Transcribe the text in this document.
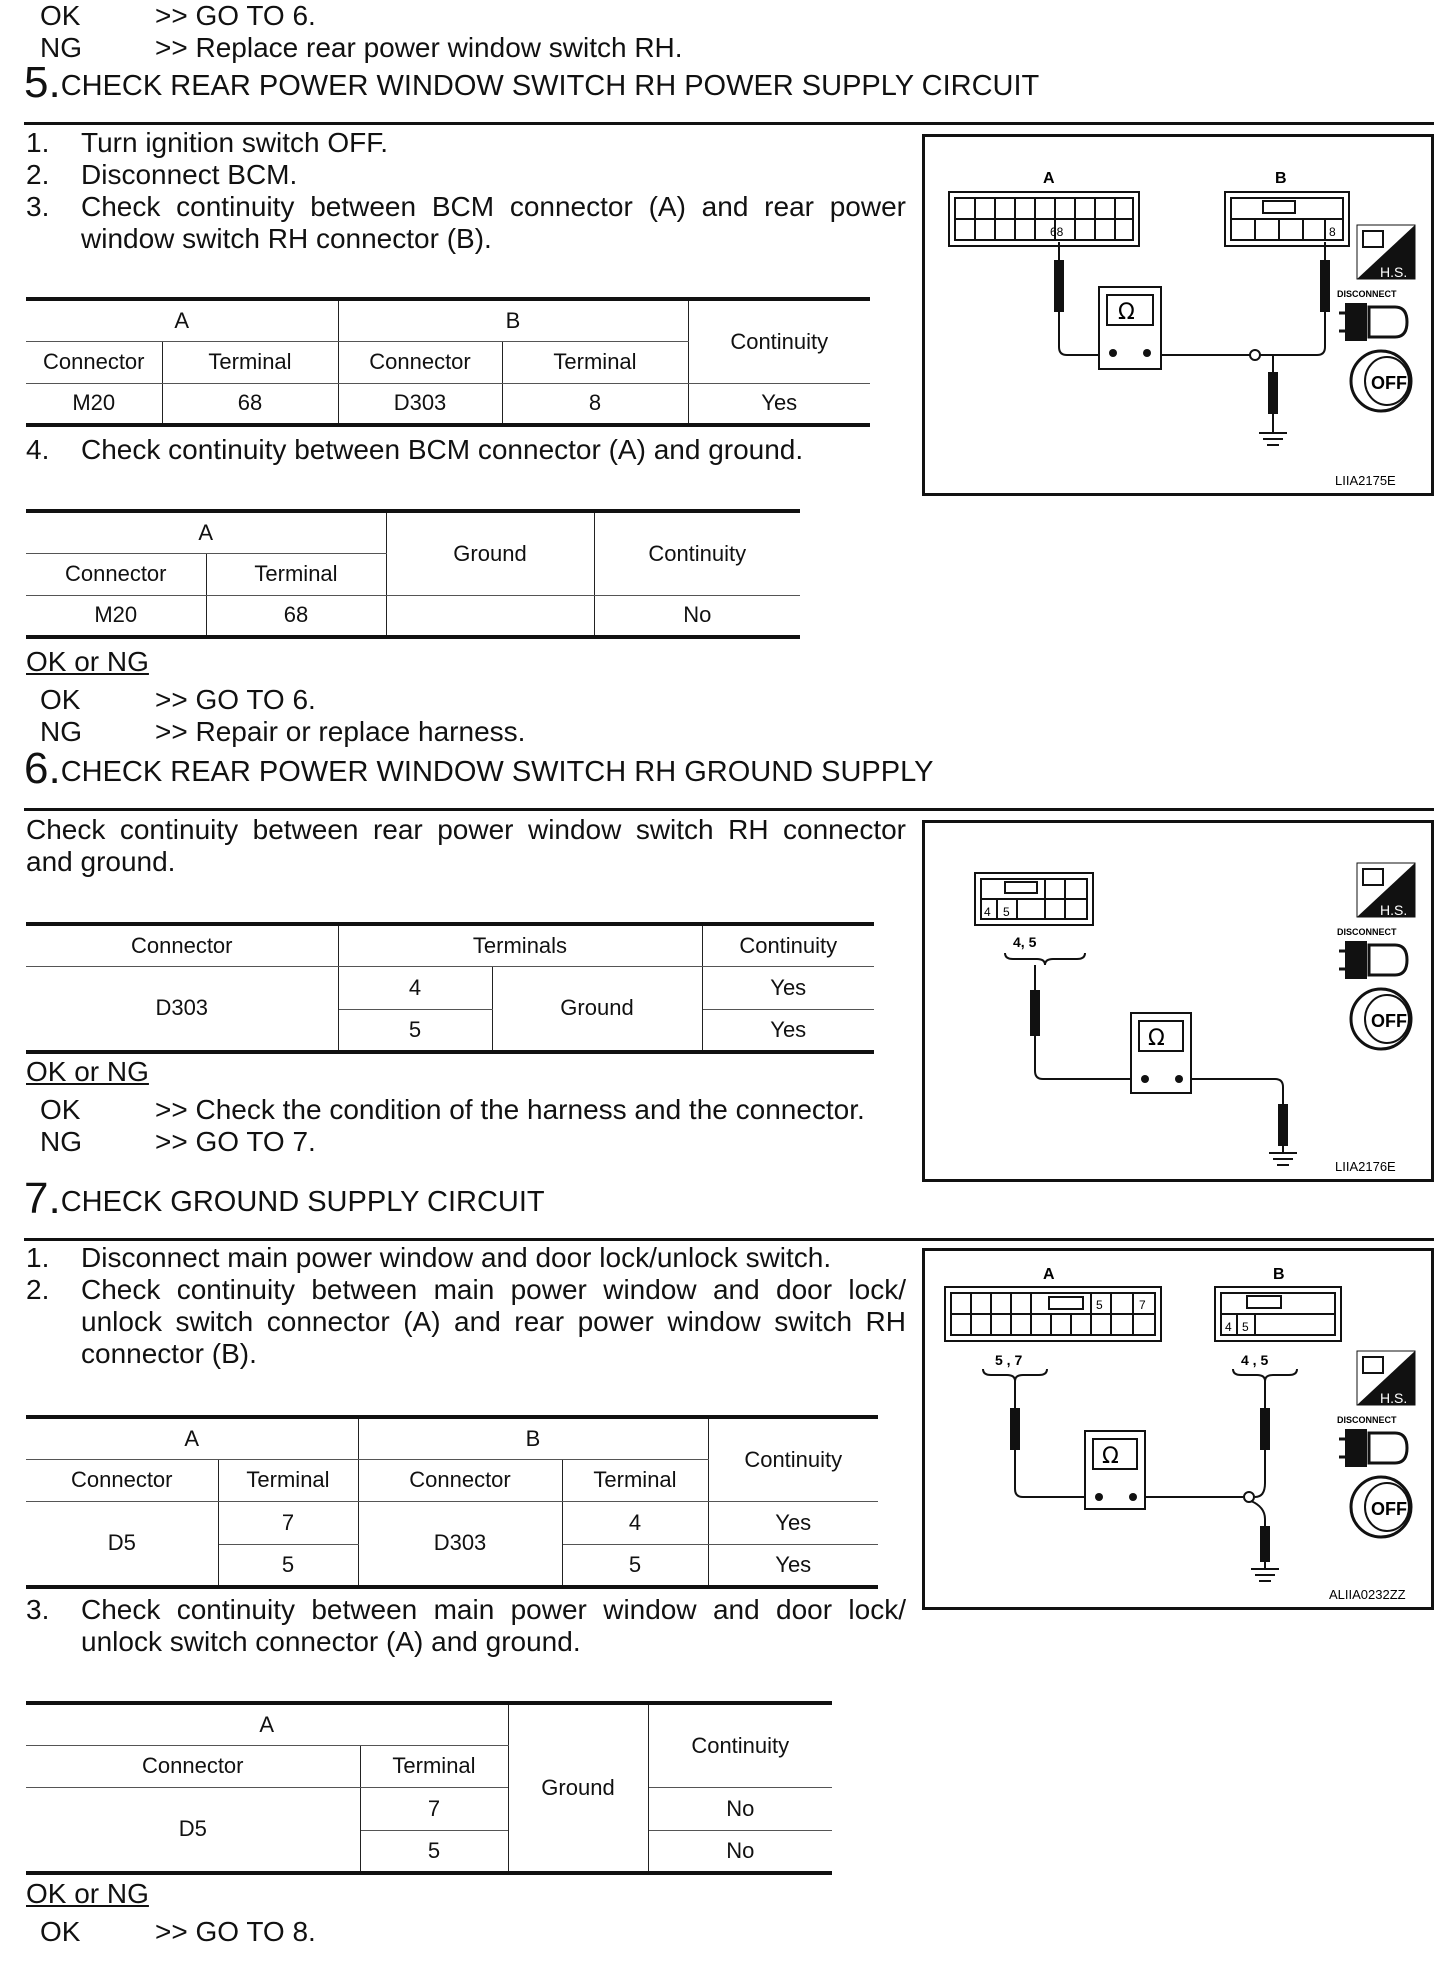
OK	>> GO TO 6.
NG	>> Replace rear power window switch RH.
5.CHECK REAR POWER WINDOW SWITCH RH POWER SUPPLY CIRCUIT
1. Turn ignition switch OFF.
2. Disconnect BCM.
3. Check continuity between BCM connector (A) and rear power window switch RH connector (B).
A		B		Continuity
Connector	Terminal	Connector	Terminal	
M20	68	D303	8	Yes
4. Check continuity between BCM connector (A) and ground.
A		Ground	Continuity
Connector	Terminal		
M20	68		No
OK or NG
OK	>> GO TO 6.
NG	>> Repair or replace harness.
A	B
68	8
Ω
H.S.
DISCONNECT
OFF
LIIA2175E
6.CHECK REAR POWER WINDOW SWITCH RH GROUND SUPPLY
Check continuity between rear power window switch RH connector and ground.
Connector	Terminals		Continuity
D303	4	Ground	Yes
	5		Yes
OK or NG
OK	>> Check the condition of the harness and the connector.
NG	>> GO TO 7.
4 5
4, 5
Ω
H.S.
DISCONNECT
OFF
LIIA2176E
7.CHECK GROUND SUPPLY CIRCUIT
1. Disconnect main power window and door lock/unlock switch.
2. Check continuity between main power window and door lock/ unlock switch connector (A) and rear power window switch RH connector (B).
A		B		Continuity
Connector	Terminal	Connector	Terminal	
D5	7	D303	4	Yes
	5		5	Yes
3. Check continuity between main power window and door lock/ unlock switch connector (A) and ground.
A		Ground	Continuity
Connector	Terminal		
D5	7		No
	5		No
OK or NG
OK	>> GO TO 8.
A	B
5	7
4 5
5 , 7	4 , 5
Ω
H.S.
DISCONNECT
OFF
ALIIA0232ZZ
